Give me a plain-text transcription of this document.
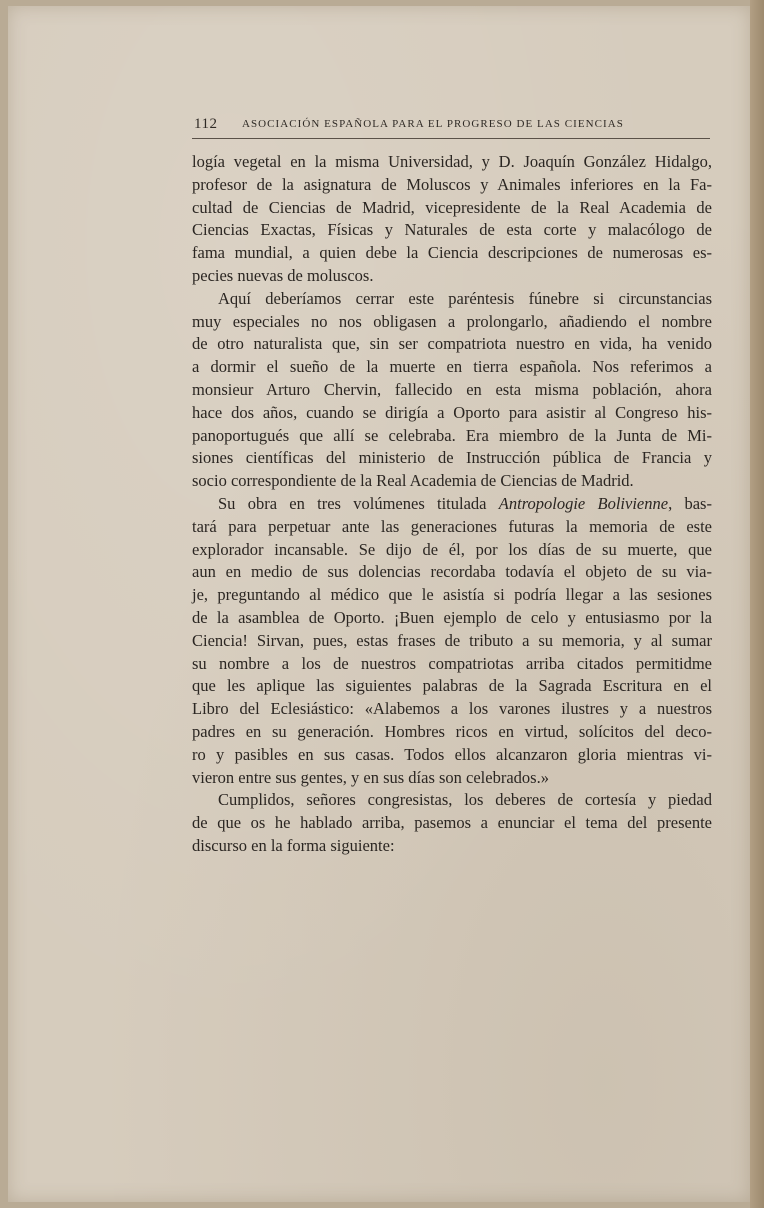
112 ASOCIACIÓN ESPAÑOLA PARA EL PROGRESO DE LAS CIENCIAS
logía vegetal en la misma Universidad, y D. Joaquín González Hidalgo,
profesor de la asignatura de Moluscos y Animales inferiores en la Fa-
cultad de Ciencias de Madrid, vicepresidente de la Real Academia de
Ciencias Exactas, Físicas y Naturales de esta corte y malacólogo de
fama mundial, a quien debe la Ciencia descripciones de numerosas es-
pecies nuevas de moluscos.
Aquí deberíamos cerrar este paréntesis fúnebre si circunstancias
muy especiales no nos obligasen a prolongarlo, añadiendo el nombre
de otro naturalista que, sin ser compatriota nuestro en vida, ha venido
a dormir el sueño de la muerte en tierra española. Nos referimos a
monsieur Arturo Chervin, fallecido en esta misma población, ahora
hace dos años, cuando se dirigía a Oporto para asistir al Congreso his-
panoportugués que allí se celebraba. Era miembro de la Junta de Mi-
siones científicas del ministerio de Instrucción pública de Francia y
socio correspondiente de la Real Academia de Ciencias de Madrid.
Su obra en tres volúmenes titulada Antropologie Bolivienne, bas-
tará para perpetuar ante las generaciones futuras la memoria de este
explorador incansable. Se dijo de él, por los días de su muerte, que
aun en medio de sus dolencias recordaba todavía el objeto de su via-
je, preguntando al médico que le asistía si podría llegar a las sesiones
de la asamblea de Oporto. ¡Buen ejemplo de celo y entusiasmo por la
Ciencia! Sirvan, pues, estas frases de tributo a su memoria, y al sumar
su nombre a los de nuestros compatriotas arriba citados permitidme
que les aplique las siguientes palabras de la Sagrada Escritura en el
Libro del Eclesiástico: «Alabemos a los varones ilustres y a nuestros
padres en su generación. Hombres ricos en virtud, solícitos del deco-
ro y pasibles en sus casas. Todos ellos alcanzaron gloria mientras vi-
vieron entre sus gentes, y en sus días son celebrados.»
Cumplidos, señores congresistas, los deberes de cortesía y piedad
de que os he hablado arriba, pasemos a enunciar el tema del presente
discurso en la forma siguiente:
